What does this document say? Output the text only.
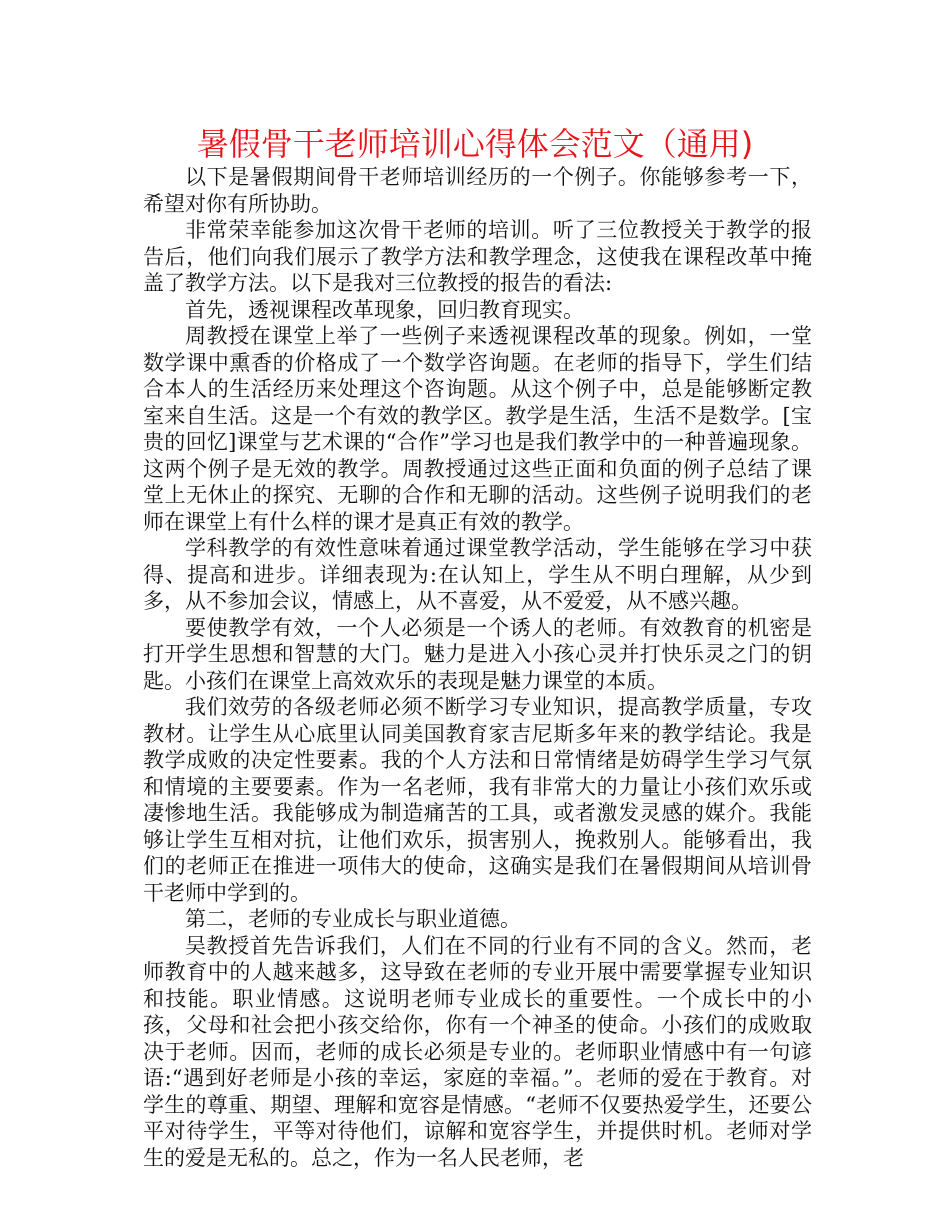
暑假骨干老师培训心得体会范文（通用)

以下是暑假期间骨干老师培训经历的一个例子。你能够参考一下，希望对你有所协助。

非常荣幸能参加这次骨干老师的培训。听了三位教授关于教学的报告后，他们向我们展示了教学方法和教学理念，这使我在课程改革中掩盖了教学方法。以下是我对三位教授的报告的看法:

首先，透视课程改革现象，回归教育现实。

周教授在课堂上举了一些例子来透视课程改革的现象。例如，一堂数学课中熏香的价格成了一个数学咨询题。在老师的指导下，学生们结合本人的生活经历来处理这个咨询题。从这个例子中，总是能够断定教室来自生活。这是一个有效的教学区。教学是生活，生活不是数学。[宝贵的回忆]课堂与艺术课的“合作”学习也是我们教学中的一种普遍现象。这两个例子是无效的教学。周教授通过这些正面和负面的例子总结了课堂上无休止的探究、无聊的合作和无聊的活动。这些例子说明我们的老师在课堂上有什么样的课才是真正有效的教学。

学科教学的有效性意味着通过课堂教学活动，学生能够在学习中获得、提高和进步。详细表现为:在认知上，学生从不明白理解，从少到多，从不参加会议，情感上，从不喜爱，从不爱爱，从不感兴趣。

要使教学有效，一个人必须是一个诱人的老师。有效教育的机密是打开学生思想和智慧的大门。魅力是进入小孩心灵并打快乐灵之门的钥匙。小孩们在课堂上高效欢乐的表现是魅力课堂的本质。

我们效劳的各级老师必须不断学习专业知识，提高教学质量，专攻教材。让学生从心底里认同美国教育家吉尼斯多年来的教学结论。我是教学成败的决定性要素。我的个人方法和日常情绪是妨碍学生学习气氛和情境的主要要素。作为一名老师，我有非常大的力量让小孩们欢乐或凄惨地生活。我能够成为制造痛苦的工具，或者激发灵感的媒介。我能够让学生互相对抗，让他们欢乐，损害别人，挽救别人。能够看出，我们的老师正在推进一项伟大的使命，这确实是我们在暑假期间从培训骨干老师中学到的。

第二，老师的专业成长与职业道德。

吴教授首先告诉我们，人们在不同的行业有不同的含义。然而，老师教育中的人越来越多，这导致在老师的专业开展中需要掌握专业知识和技能。职业情感。这说明老师专业成长的重要性。一个成长中的小孩，父母和社会把小孩交给你，你有一个神圣的使命。小孩们的成败取决于老师。因而，老师的成长必须是专业的。老师职业情感中有一句谚语:“遇到好老师是小孩的幸运，家庭的幸福。”。老师的爱在于教育。对学生的尊重、期望、理解和宽容是情感。“老师不仅要热爱学生，还要公平对待学生，平等对待他们，谅解和宽容学生，并提供时机。老师对学生的爱是无私的。总之，作为一名人民老师，老
